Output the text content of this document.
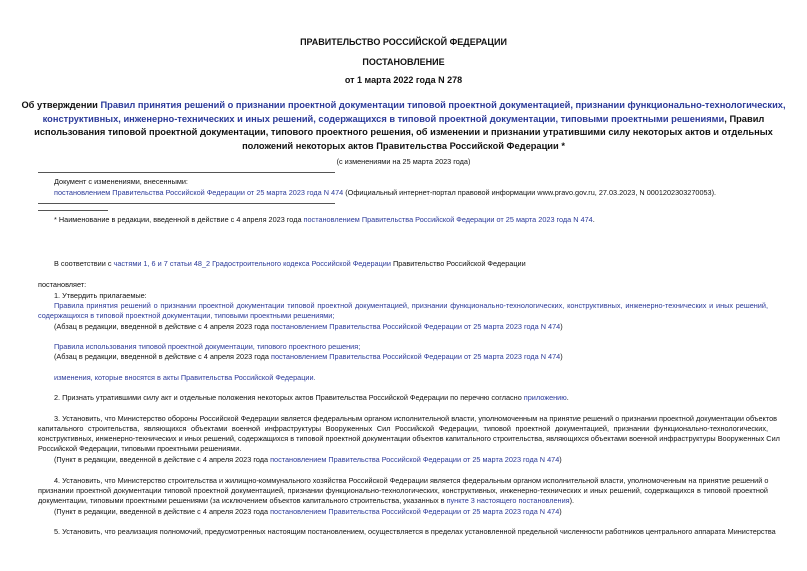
ПРАВИТЕЛЬСТВО РОССИЙСКОЙ ФЕДЕРАЦИИ
ПОСТАНОВЛЕНИЕ
от 1 марта 2022 года N 278
Об утверждении Правил принятия решений о признании проектной документации типовой проектной документацией, признании функционально-технологических,
конструктивных, инженерно-технических и иных решений, содержащихся в типовой проектной документации, типовыми проектными решениями, Правил
использования типовой проектной документации, типового проектного решения, об изменении и признании утратившими силу некоторых актов и отдельных
положений некоторых актов Правительства Российской Федерации *
(с изменениями на 25 марта 2023 года)
Документ с изменениями, внесенными:
постановлением Правительства Российской Федерации от 25 марта 2023 года N 474 (Официальный интернет-портал правовой информации www.pravo.gov.ru, 27.03.2023, N 0001202303270053).
* Наименование в редакции, введенной в действие с 4 апреля 2023 года постановлением Правительства Российской Федерации от 25 марта 2023 года N 474.
В соответствии с частями 1, 6 и 7 статьи 48_2 Градостроительного кодекса Российской Федерации Правительство Российской Федерации
постановляет:
1. Утвердить прилагаемые:
Правила принятия решений о признании проектной документации типовой проектной документацией, признании функционально-технологических, конструктивных, инженерно-технических и иных решений,
содержащихся в типовой проектной документации, типовыми проектными решениями;
(Абзац в редакции, введенной в действие с 4 апреля 2023 года постановлением Правительства Российской Федерации от 25 марта 2023 года N 474)
Правила использования типовой проектной документации, типового проектного решения;
(Абзац в редакции, введенной в действие с 4 апреля 2023 года постановлением Правительства Российской Федерации от 25 марта 2023 года N 474)
изменения, которые вносятся в акты Правительства Российской Федерации.
2. Признать утратившими силу акт и отдельные положения некоторых актов Правительства Российской Федерации по перечню согласно приложению.
3. Установить, что Министерство обороны Российской Федерации является федеральным органом исполнительной власти, уполномоченным на принятие решений о признании проектной документации объектов
капитального строительства, являющихся объектами военной инфраструктуры Вооруженных Сил Российской Федерации, типовой проектной документацией, признании функционально-технологических,
конструктивных, инженерно-технических и иных решений, содержащихся в типовой проектной документации объектов капитального строительства, являющихся объектами военной инфраструктуры Вооруженных Сил
Российской Федерации, типовыми проектными решениями.
(Пункт в редакции, введенной в действие с 4 апреля 2023 года постановлением Правительства Российской Федерации от 25 марта 2023 года N 474)
4. Установить, что Министерство строительства и жилищно-коммунального хозяйства Российской Федерации является федеральным органом исполнительной власти, уполномоченным на принятие решений о
признании проектной документации типовой проектной документацией, признании функционально-технологических, конструктивных, инженерно-технических и иных решений, содержащихся в типовой проектной
документации, типовыми проектными решениями (за исключением объектов капитального строительства, указанных в пункте 3 настоящего постановления).
(Пункт в редакции, введенной в действие с 4 апреля 2023 года постановлением Правительства Российской Федерации от 25 марта 2023 года N 474)
5. Установить, что реализация полномочий, предусмотренных настоящим постановлением, осуществляется в пределах установленной предельной численности работников центрального аппарата Министерства
